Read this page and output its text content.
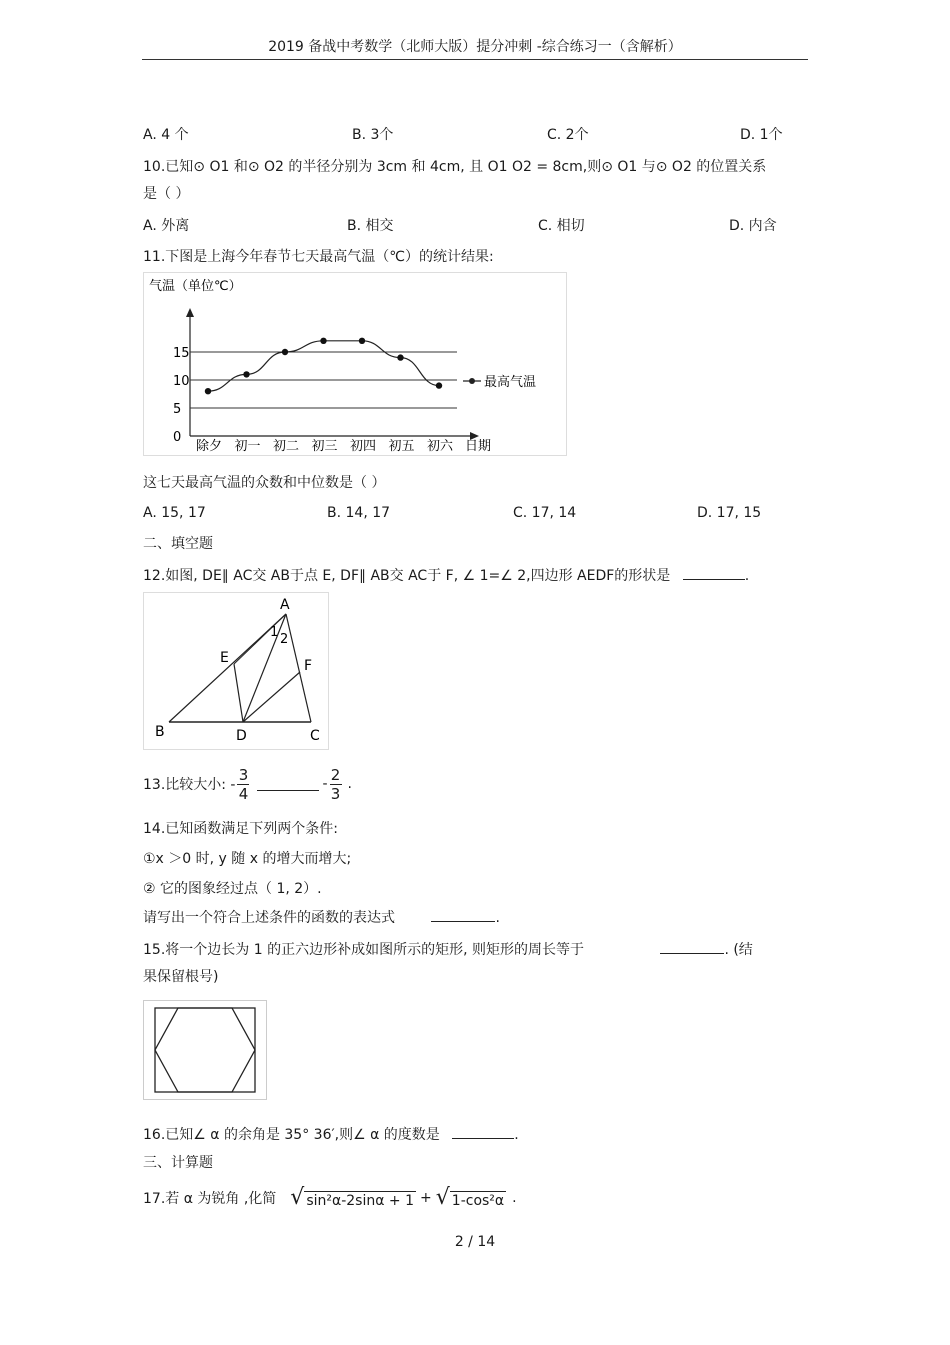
2019 备战中考数学（北师大版）提分冲刺 -综合练习一（含解析）
A. 4 个	B. 3个	C. 2个	D. 1个
10.已知⊙ O1 和⊙ O2 的半径分别为 3cm 和 4cm, 且 O1 O2 = 8cm,则⊙ O1 与⊙ O2 的位置关系
是（ ）
A. 外离	B. 相交	C. 相切	D. 内含
11.下图是上海今年春节七天最高气温（℃）的统计结果:
气温（单位℃）
0
5
10
15
除夕 初一 初二 初三 初四 初五 初六
最高气温
日期
这七天最高气温的众数和中位数是（ ）
A. 15, 17	B. 14, 17	C. 17, 14	D. 17, 15
二、填空题
12.如图, DE∥ AC交 AB于点 E, DF∥ AB交 AC于 F, ∠ 1=∠ 2,四边形 AEDF的形状是	.
A
E	F
B	D	C
1 2
13.比较大小: - $\frac{3}{4}$	- $\frac{2}{3}$ .
14.已知函数满足下列两个条件:
①x ＞0 时, y 随 x 的增大而增大;
② 它的图象经过点（ 1, 2）.
请写出一个符合上述条件的函数的表达式	.
15.将一个边长为 1 的正六边形补成如图所示的矩形, 则矩形的周长等于	. (结
果保留根号)
16.已知∠ α 的余角是 35° 36′,则∠ α 的度数是	.
三、计算题
17.若 α 为锐角 ,化简 √ sin²α-2sinα + 1 + √ 1-cos²α .
2 / 14
